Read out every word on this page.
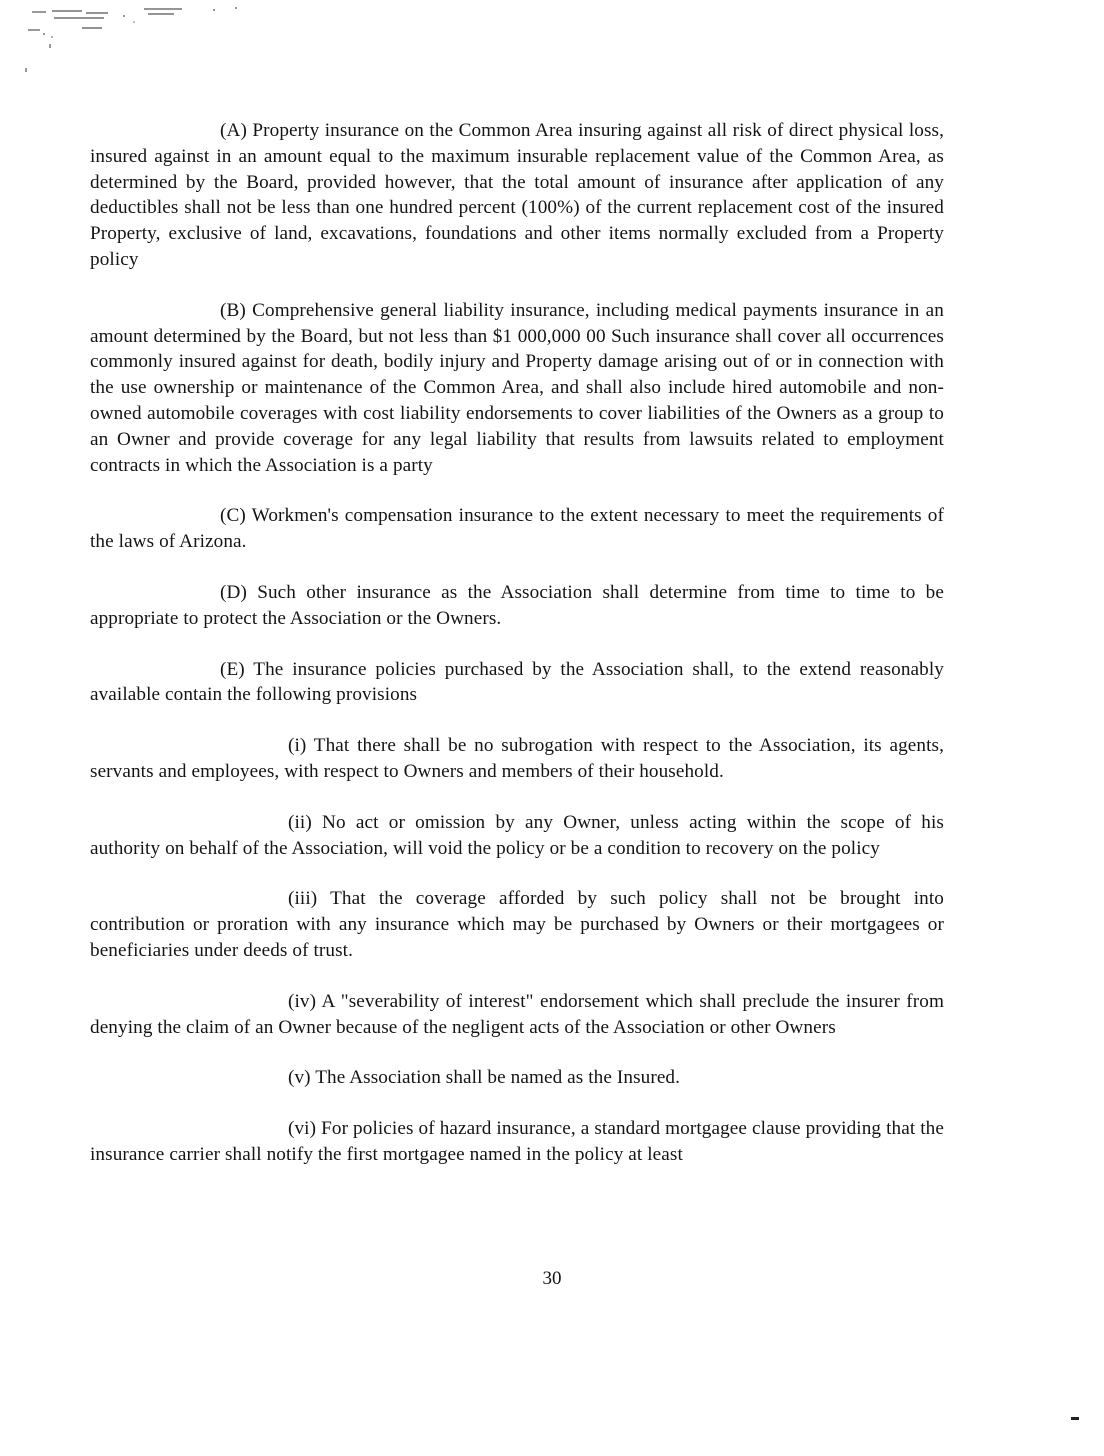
(A) Property insurance on the Common Area insuring against all risk of direct physical loss, insured against in an amount equal to the maximum insurable replacement value of the Common Area, as determined by the Board, provided however, that the total amount of insurance after application of any deductibles shall not be less than one hundred percent (100%) of the current replacement cost of the insured Property, exclusive of land, excavations, foundations and other items normally excluded from a Property policy

(B) Comprehensive general liability insurance, including medical payments insurance in an amount determined by the Board, but not less than $1 000,000 00 Such insurance shall cover all occurrences commonly insured against for death, bodily injury and Property damage arising out of or in connection with the use ownership or maintenance of the Common Area, and shall also include hired automobile and non-owned automobile coverages with cost liability endorsements to cover liabilities of the Owners as a group to an Owner and provide coverage for any legal liability that results from lawsuits related to employment contracts in which the Association is a party

(C) Workmen's compensation insurance to the extent necessary to meet the requirements of the laws of Arizona.

(D) Such other insurance as the Association shall determine from time to time to be appropriate to protect the Association or the Owners.

(E) The insurance policies purchased by the Association shall, to the extend reasonably available contain the following provisions

(i) That there shall be no subrogation with respect to the Association, its agents, servants and employees, with respect to Owners and members of their household.

(ii) No act or omission by any Owner, unless acting within the scope of his authority on behalf of the Association, will void the policy or be a condition to recovery on the policy

(iii) That the coverage afforded by such policy shall not be brought into contribution or proration with any insurance which may be purchased by Owners or their mortgagees or beneficiaries under deeds of trust.

(iv) A "severability of interest" endorsement which shall preclude the insurer from denying the claim of an Owner because of the negligent acts of the Association or other Owners

(v) The Association shall be named as the Insured.

(vi) For policies of hazard insurance, a standard mortgagee clause providing that the insurance carrier shall notify the first mortgagee named in the policy at least

30
